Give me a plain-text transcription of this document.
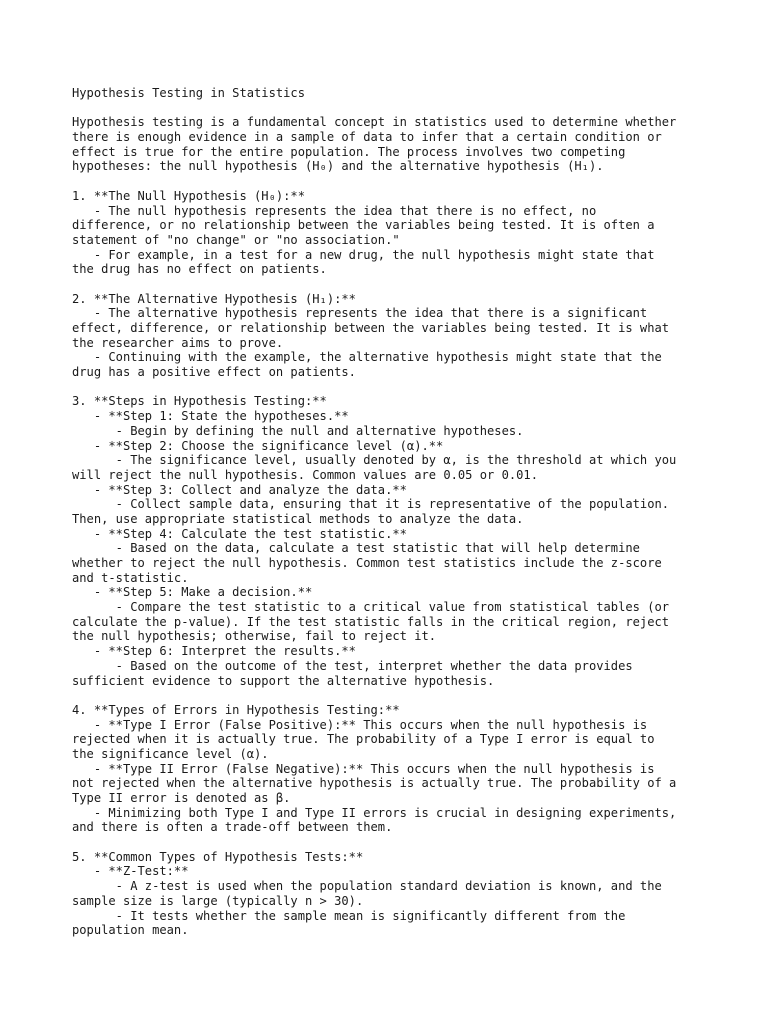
Hypothesis Testing in Statistics
Hypothesis testing is a fundamental concept in statistics used to determine whether
there is enough evidence in a sample of data to infer that a certain condition or
effect is true for the entire population. The process involves two competing
hypotheses: the null hypothesis (H₀) and the alternative hypothesis (H₁).
1. **The Null Hypothesis (H₀):**
- The null hypothesis represents the idea that there is no effect, no
difference, or no relationship between the variables being tested. It is often a
statement of "no change" or "no association."
- For example, in a test for a new drug, the null hypothesis might state that
the drug has no effect on patients.
2. **The Alternative Hypothesis (H₁):**
- The alternative hypothesis represents the idea that there is a significant
effect, difference, or relationship between the variables being tested. It is what
the researcher aims to prove.
- Continuing with the example, the alternative hypothesis might state that the
drug has a positive effect on patients.
3. **Steps in Hypothesis Testing:**
- **Step 1: State the hypotheses.**
- Begin by defining the null and alternative hypotheses.
- **Step 2: Choose the significance level (α).**
- The significance level, usually denoted by α, is the threshold at which you
will reject the null hypothesis. Common values are 0.05 or 0.01.
- **Step 3: Collect and analyze the data.**
- Collect sample data, ensuring that it is representative of the population.
Then, use appropriate statistical methods to analyze the data.
- **Step 4: Calculate the test statistic.**
- Based on the data, calculate a test statistic that will help determine
whether to reject the null hypothesis. Common test statistics include the z-score
and t-statistic.
- **Step 5: Make a decision.**
- Compare the test statistic to a critical value from statistical tables (or
calculate the p-value). If the test statistic falls in the critical region, reject
the null hypothesis; otherwise, fail to reject it.
- **Step 6: Interpret the results.**
- Based on the outcome of the test, interpret whether the data provides
sufficient evidence to support the alternative hypothesis.
4. **Types of Errors in Hypothesis Testing:**
- **Type I Error (False Positive):** This occurs when the null hypothesis is
rejected when it is actually true. The probability of a Type I error is equal to
the significance level (α).
- **Type II Error (False Negative):** This occurs when the null hypothesis is
not rejected when the alternative hypothesis is actually true. The probability of a
Type II error is denoted as β.
- Minimizing both Type I and Type II errors is crucial in designing experiments,
and there is often a trade-off between them.
5. **Common Types of Hypothesis Tests:**
- **Z-Test:**
- A z-test is used when the population standard deviation is known, and the
sample size is large (typically n > 30).
- It tests whether the sample mean is significantly different from the
population mean.
